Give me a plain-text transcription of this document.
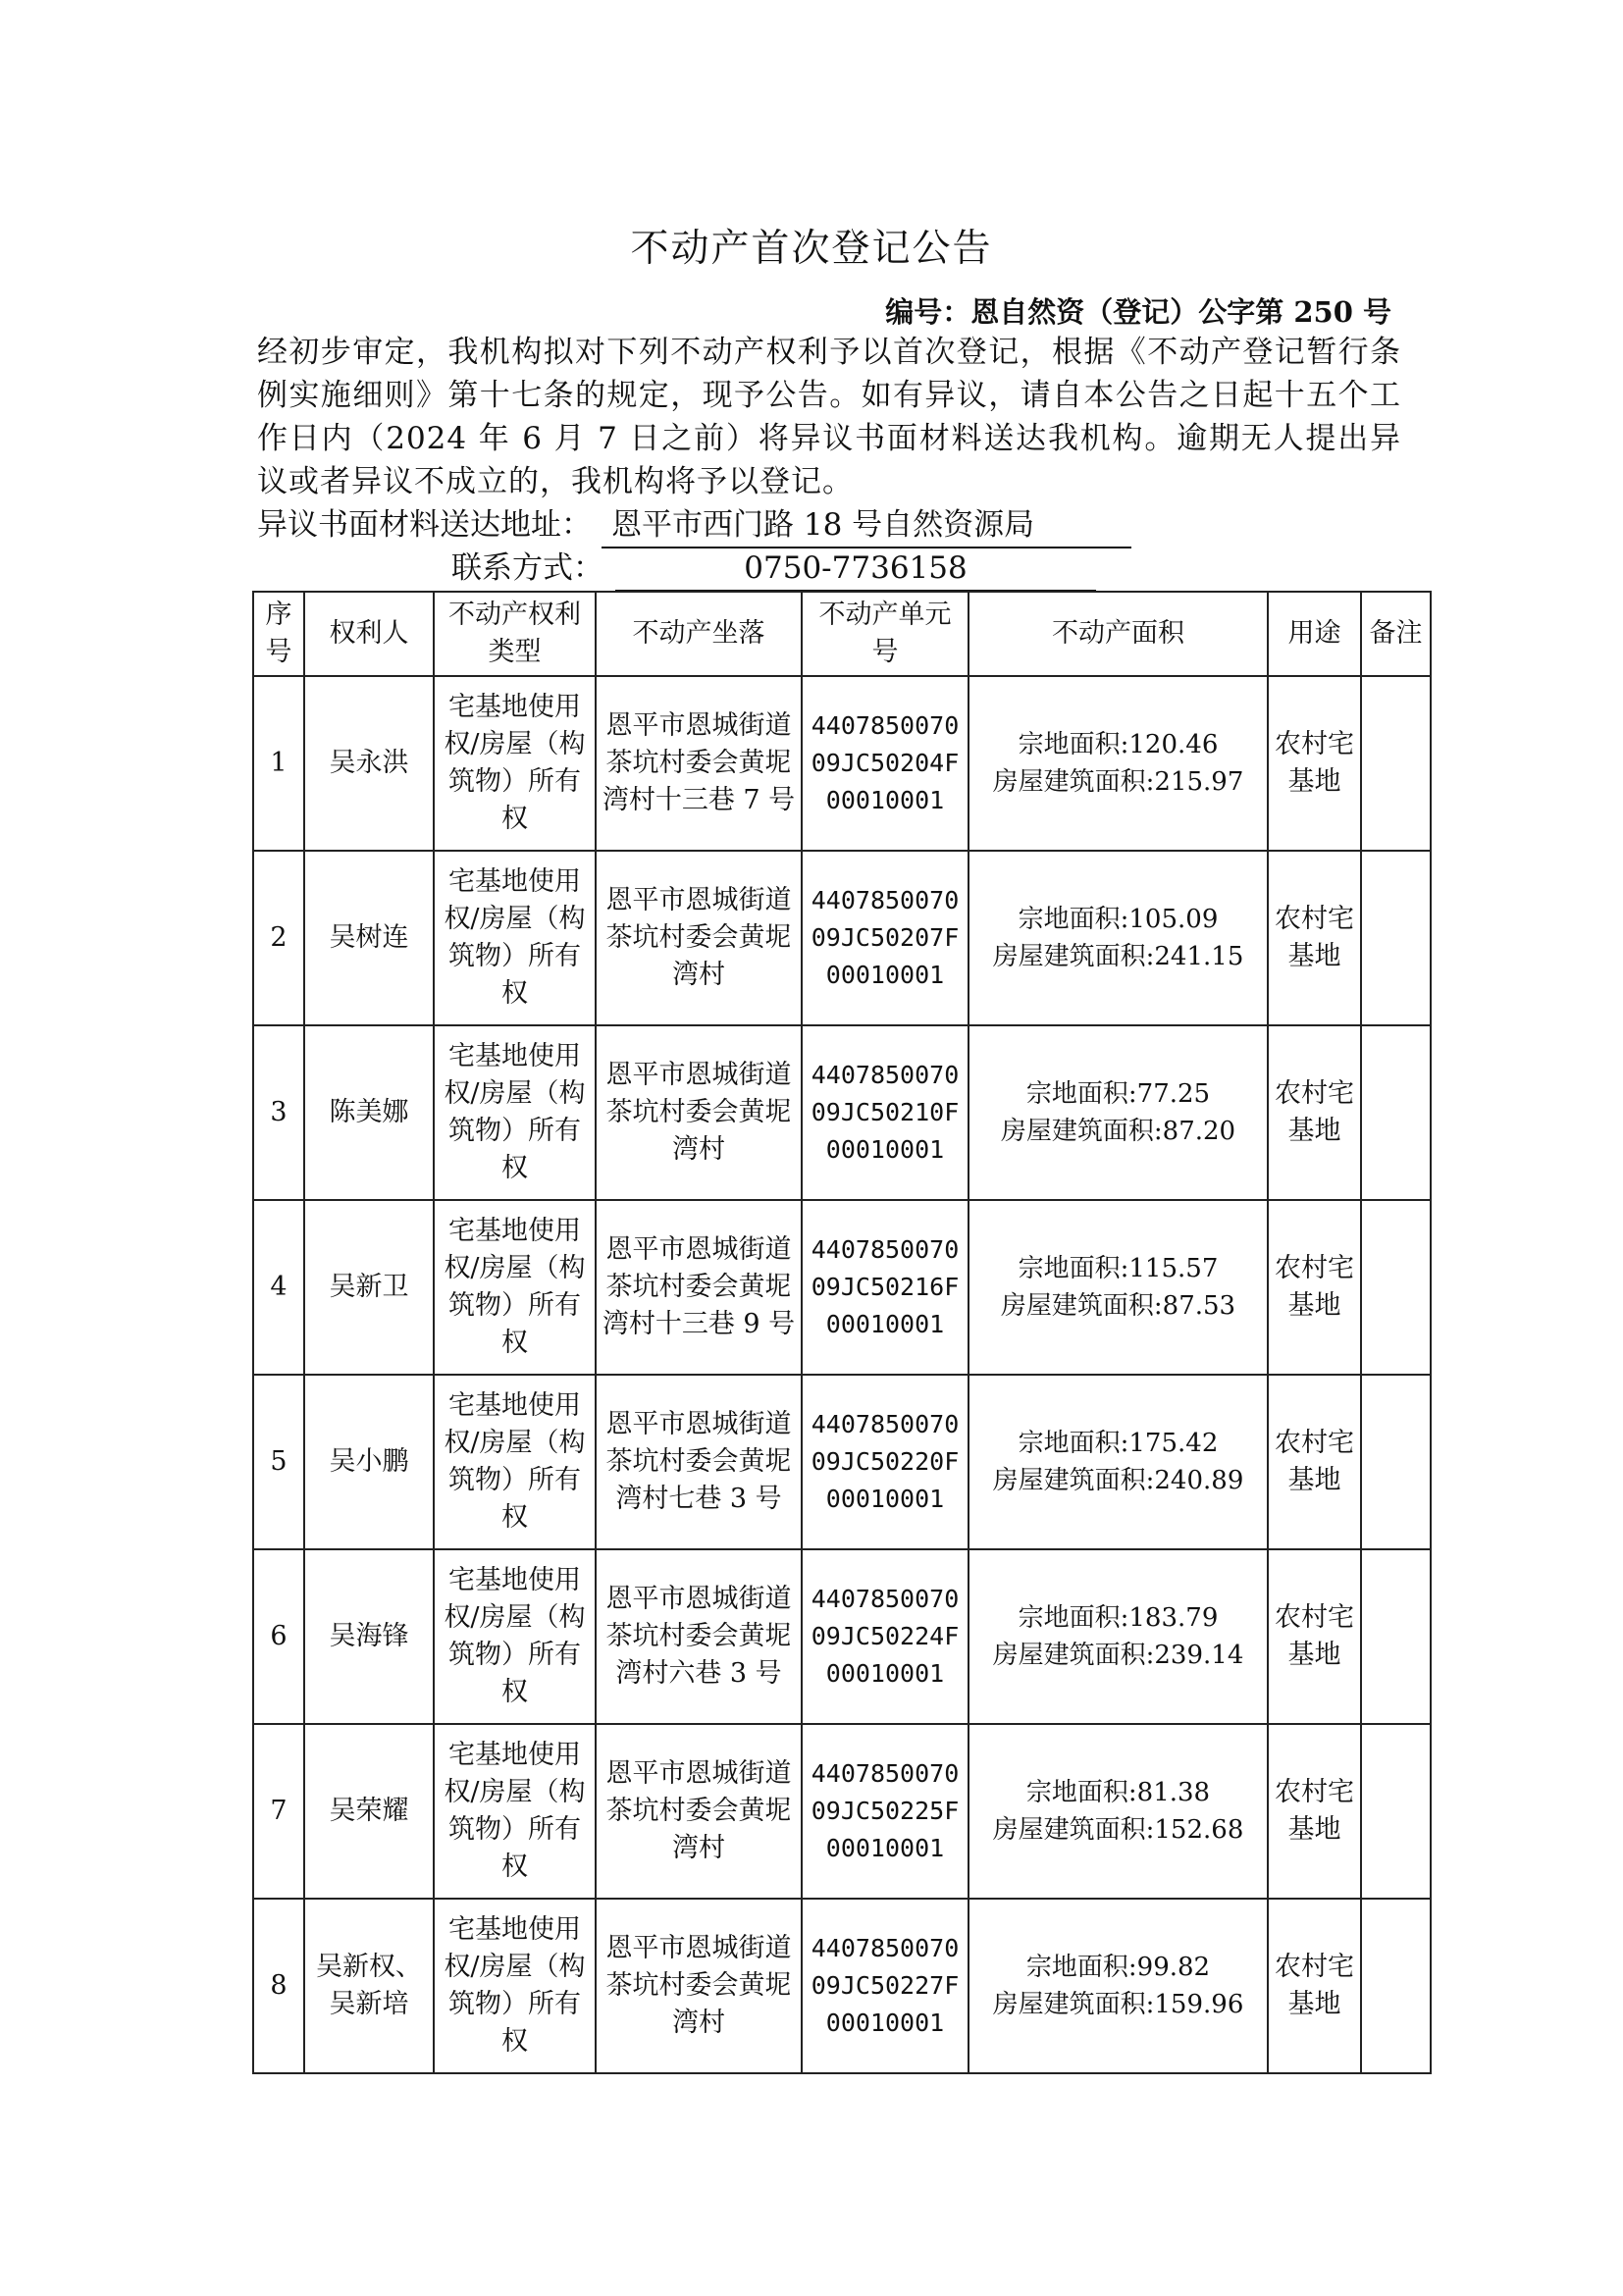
不动产首次登记公告
编号：恩自然资（登记）公字第 250 号
经初步审定，我机构拟对下列不动产权利予以首次登记，根据《不动产登记暂行条例实施细则》第十七条的规定，现予公告。如有异议，请自本公告之日起十五个工作日内（2024 年 6 月 7 日之前）将异议书面材料送达我机构。逾期无人提出异议或者异议不成立的，我机构将予以登记。
异议书面材料送达地址： 恩平市西门路 18 号自然资源局
联系方式：	0750-7736158
序号	权利人	不动产权利类型	不动产坐落	不动产单元号	不动产面积	用途	备注
1	吴永洪	宅基地使用权/房屋（构筑物）所有权	恩平市恩城街道茶坑村委会黄坭湾村十三巷 7 号	440785007009JC50204F00010001	宗地面积:120.46
房屋建筑面积:215.97	农村宅基地	
2	吴树连	宅基地使用权/房屋（构筑物）所有权	恩平市恩城街道茶坑村委会黄坭湾村	440785007009JC50207F00010001	宗地面积:105.09
房屋建筑面积:241.15	农村宅基地	
3	陈美娜	宅基地使用权/房屋（构筑物）所有权	恩平市恩城街道茶坑村委会黄坭湾村	440785007009JC50210F00010001	宗地面积:77.25
房屋建筑面积:87.20	农村宅基地	
4	吴新卫	宅基地使用权/房屋（构筑物）所有权	恩平市恩城街道茶坑村委会黄坭湾村十三巷 9 号	440785007009JC50216F00010001	宗地面积:115.57
房屋建筑面积:87.53	农村宅基地	
5	吴小鹏	宅基地使用权/房屋（构筑物）所有权	恩平市恩城街道茶坑村委会黄坭湾村七巷 3 号	440785007009JC50220F00010001	宗地面积:175.42
房屋建筑面积:240.89	农村宅基地	
6	吴海锋	宅基地使用权/房屋（构筑物）所有权	恩平市恩城街道茶坑村委会黄坭湾村六巷 3 号	440785007009JC50224F00010001	宗地面积:183.79
房屋建筑面积:239.14	农村宅基地	
7	吴荣耀	宅基地使用权/房屋（构筑物）所有权	恩平市恩城街道茶坑村委会黄坭湾村	440785007009JC50225F00010001	宗地面积:81.38
房屋建筑面积:152.68	农村宅基地	
8	吴新权、吴新培	宅基地使用权/房屋（构筑物）所有权	恩平市恩城街道茶坑村委会黄坭湾村	440785007009JC50227F00010001	宗地面积:99.82
房屋建筑面积:159.96	农村宅基地	
